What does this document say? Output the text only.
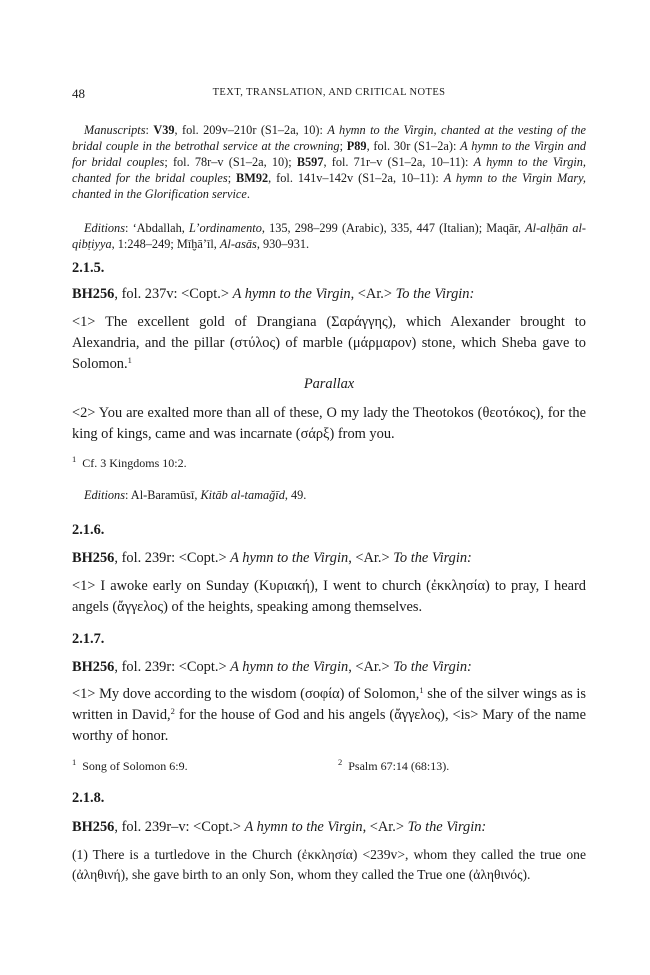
48	TEXT, TRANSLATION, AND CRITICAL NOTES

Manuscripts: V39, fol. 209v–210r (S1–2a, 10): A hymn to the Virgin, chanted at the vesting of the bridal couple in the betrothal service at the crowning; P89, fol. 30r (S1–2a): A hymn to the Virgin and for bridal couples; fol. 78r–v (S1–2a, 10); B597, fol. 71r–v (S1–2a, 10–11): A hymn to the Virgin, chanted for the bridal couples; BM92, fol. 141v–142v (S1–2a, 10–11): A hymn to the Virgin Mary, chanted in the Glorification service.

Editions: ‘Abdallah, L’ordinamento, 135, 298–299 (Arabic), 335, 447 (Italian); Maqār, Al-alḥān al-qibṭiyya, 1:248–249; Mīḫā’īl, Al-asās, 930–931.

2.1.5.
BH256, fol. 237v: <Copt.> A hymn to the Virgin, <Ar.> To the Virgin:

<1> The excellent gold of Drangiana (Σαράγγης), which Alexander brought to Alexandria, and the pillar (στύλος) of marble (μάρμαρον) stone, which Sheba gave to Solomon.$^1$

Parallax

<2> You are exalted more than all of these, O my lady the Theotokos (θεοτόκος), for the king of kings, came and was incarnate (σάρξ) from you.

$^1$ Cf. 3 Kingdoms 10:2.

Editions: Al-Baramūsī, Kitāb al-tamağīd, 49.

2.1.6.
BH256, fol. 239r: <Copt.> A hymn to the Virgin, <Ar.> To the Virgin:

<1> I awoke early on Sunday (Κυριακή), I went to church (ἐκκλησία) to pray, I heard angels (ἄγγελος) of the heights, speaking among themselves.

2.1.7.
BH256, fol. 239r: <Copt.> A hymn to the Virgin, <Ar.> To the Virgin:

<1> My dove according to the wisdom (σοφία) of Solomon,$^1$ she of the silver wings as is written in David,$^2$ for the house of God and his angels (ἄγγελος), <is> Mary of the name worthy of honor.

$^1$ Song of Solomon 6:9.	$^2$ Psalm 67:14 (68:13).
2.1.8.
BH256, fol. 239r–v: <Copt.> A hymn to the Virgin, <Ar.> To the Virgin:

(1) There is a turtledove in the Church (ἐκκλησία) <239v>, whom they called the true one (ἀληθινή), she gave birth to an only Son, whom they called the True one (ἀληθινός).
